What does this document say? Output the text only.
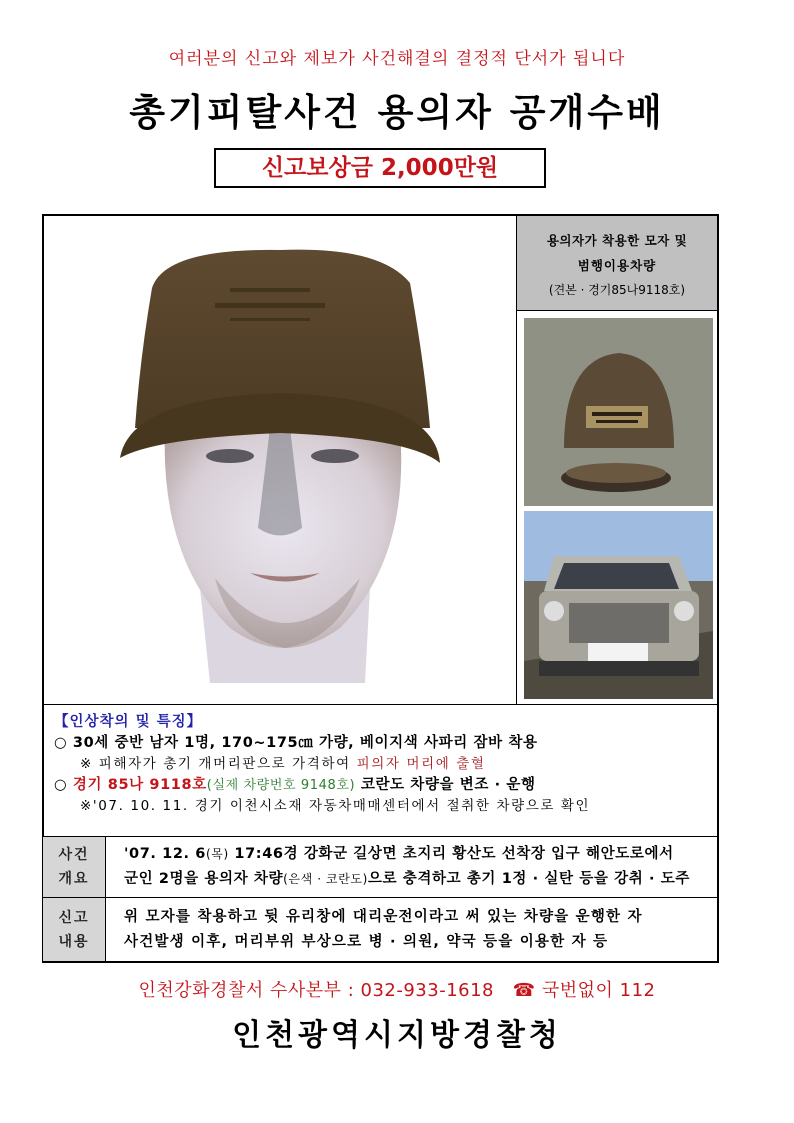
여러분의 신고와 제보가 사건해결의 결정적 단서가 됩니다
총기피탈사건 용의자 공개수배
신고보상금 2,000만원
용의자가 착용한 모자 및
범행이용차량
(견본 · 경기85나9118호)
【인상착의 및 특징】
○ 30세 중반 남자 1명, 170~175㎝ 가량, 베이지색 사파리 잠바 착용
※ 피해자가 총기 개머리판으로 가격하여 피의자 머리에 출혈
○ 경기 85나 9118호(실제 차량번호 9148호) 코란도 차량을 변조 · 운행
※'07. 10. 11. 경기 이천시소재 자동차매매센터에서 절취한 차량으로 확인
사건
개요

'07. 12. 6(목) 17:46경 강화군 길상면 초지리 황산도 선착장 입구 해안도로에서
군인 2명을 용의자 차량(은색 · 코란도)으로 충격하고 총기 1정 · 실탄 등을 강취 · 도주

신고
내용

위 모자를 착용하고 뒷 유리창에 대리운전이라고 써 있는 차량을 운행한 자
사건발생 이후, 머리부위 부상으로 병 · 의원, 약국 등을 이용한 자 등
인천강화경찰서 수사본부 : 032-933-1618 ☎ 국번없이 112
인천광역시지방경찰청
